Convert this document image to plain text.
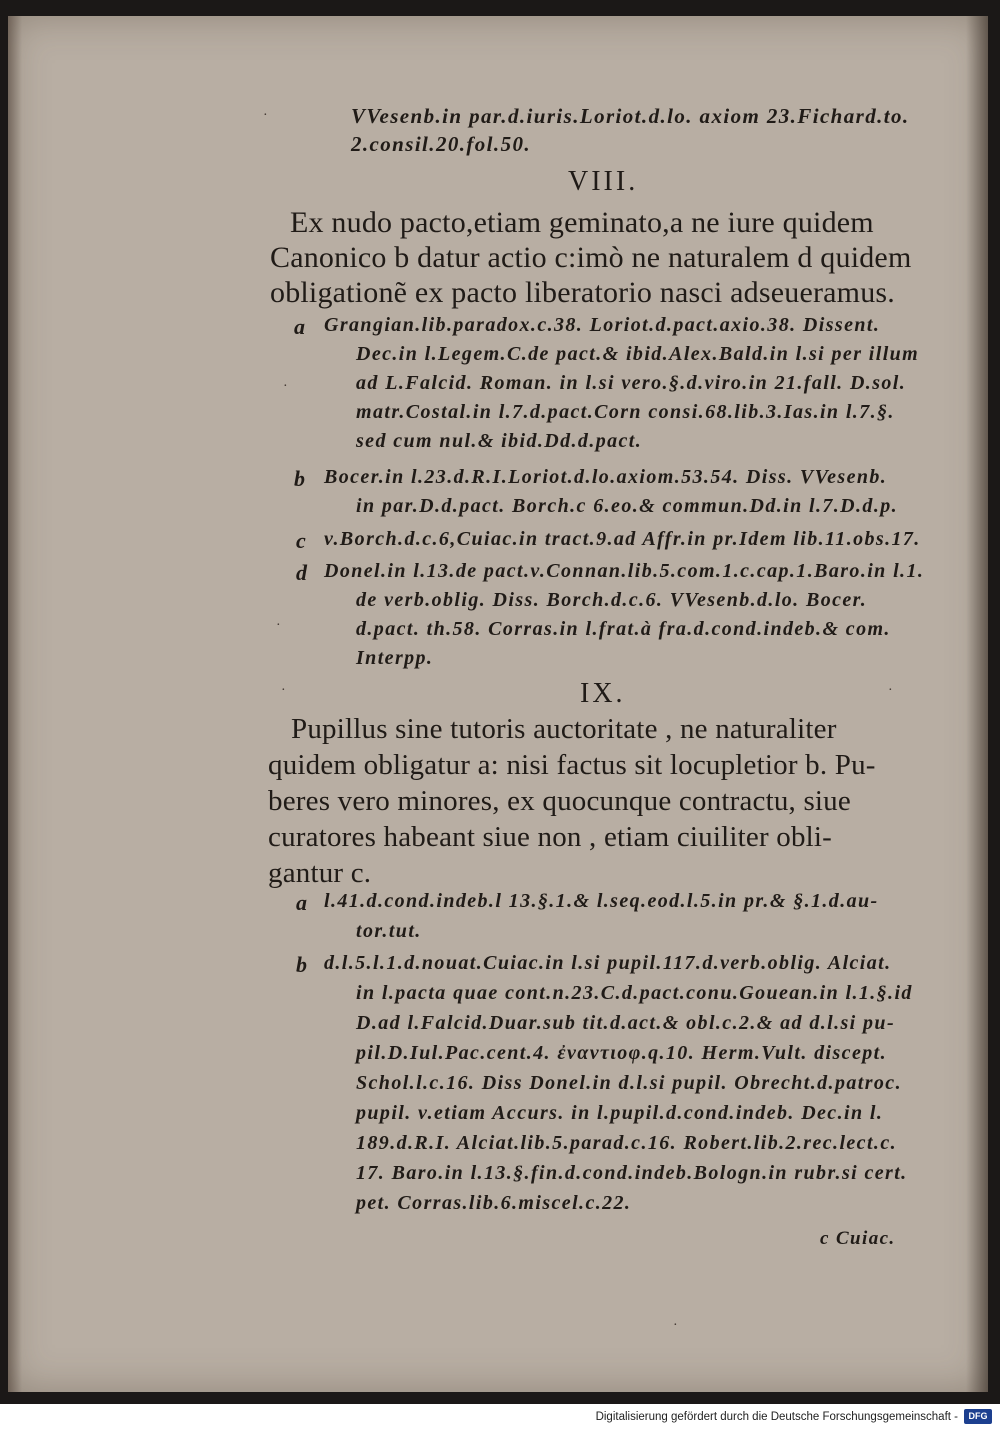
·
·
·
·	·
·
VVesenb.in par.d.iuris.Loriot.d.lo. axiom 23.Fichard.to.
2.consil.20.fol.50.
VIII.
Ex nudo pacto,etiam geminato,a ne iure quidem
Canonico b datur actio c:imò ne naturalem d quidem
obligationẽ ex pacto liberatorio nasci adseueramus.
a Grangian.lib.paradox.c.38. Loriot.d.pact.axio.38. Dissent.
Dec.in l.Legem.C.de pact.& ibid.Alex.Bald.in l.si per illum
ad L.Falcid. Roman. in l.si vero.§.d.viro.in 21.fall. D.sol.
matr.Costal.in l.7.d.pact.Corn consi.68.lib.3.Ias.in l.7.§.
sed cum nul.& ibid.Dd.d.pact.
b Bocer.in l.23.d.R.I.Loriot.d.lo.axiom.53.54. Diss. VVesenb.
in par.D.d.pact. Borch.c 6.eo.& commun.Dd.in l.7.D.d.p.
c v.Borch.d.c.6,Cuiac.in tract.9.ad Affr.in pr.Idem lib.11.obs.17.
d Donel.in l.13.de pact.v.Connan.lib.5.com.1.c.cap.1.Baro.in l.1.
de verb.oblig. Diss. Borch.d.c.6. VVesenb.d.lo. Bocer.
d.pact. th.58. Corras.in l.frat.à fra.d.cond.indeb.& com.
Interpp.
IX.
Pupillus sine tutoris auctoritate , ne naturaliter
quidem obligatur a: nisi factus sit locupletior b. Pu-
beres vero minores, ex quocunque contractu, siue
curatores habeant siue non , etiam ciuiliter obli-
gantur c.
a l.41.d.cond.indeb.l 13.§.1.& l.seq.eod.l.5.in pr.& §.1.d.au-
tor.tut.
b d.l.5.l.1.d.nouat.Cuiac.in l.si pupil.117.d.verb.oblig. Alciat.
in l.pacta quae cont.n.23.C.d.pact.conu.Gouean.in l.1.§.id
D.ad l.Falcid.Duar.sub tit.d.act.& obl.c.2.& ad d.l.si pu-
pil.D.Iul.Pac.cent.4. ἐναντιοφ.q.10. Herm.Vult. discept.
Schol.l.c.16. Diss Donel.in d.l.si pupil. Obrecht.d.patroc.
pupil. v.etiam Accurs. in l.pupil.d.cond.indeb. Dec.in l.
189.d.R.I. Alciat.lib.5.parad.c.16. Robert.lib.2.rec.lect.c.
17. Baro.in l.13.§.fin.d.cond.indeb.Bologn.in rubr.si cert.
pet. Corras.lib.6.miscel.c.22.
c Cuiac.
Digitalisierung gefördert durch die Deutsche Forschungsgemeinschaft -	DFG
